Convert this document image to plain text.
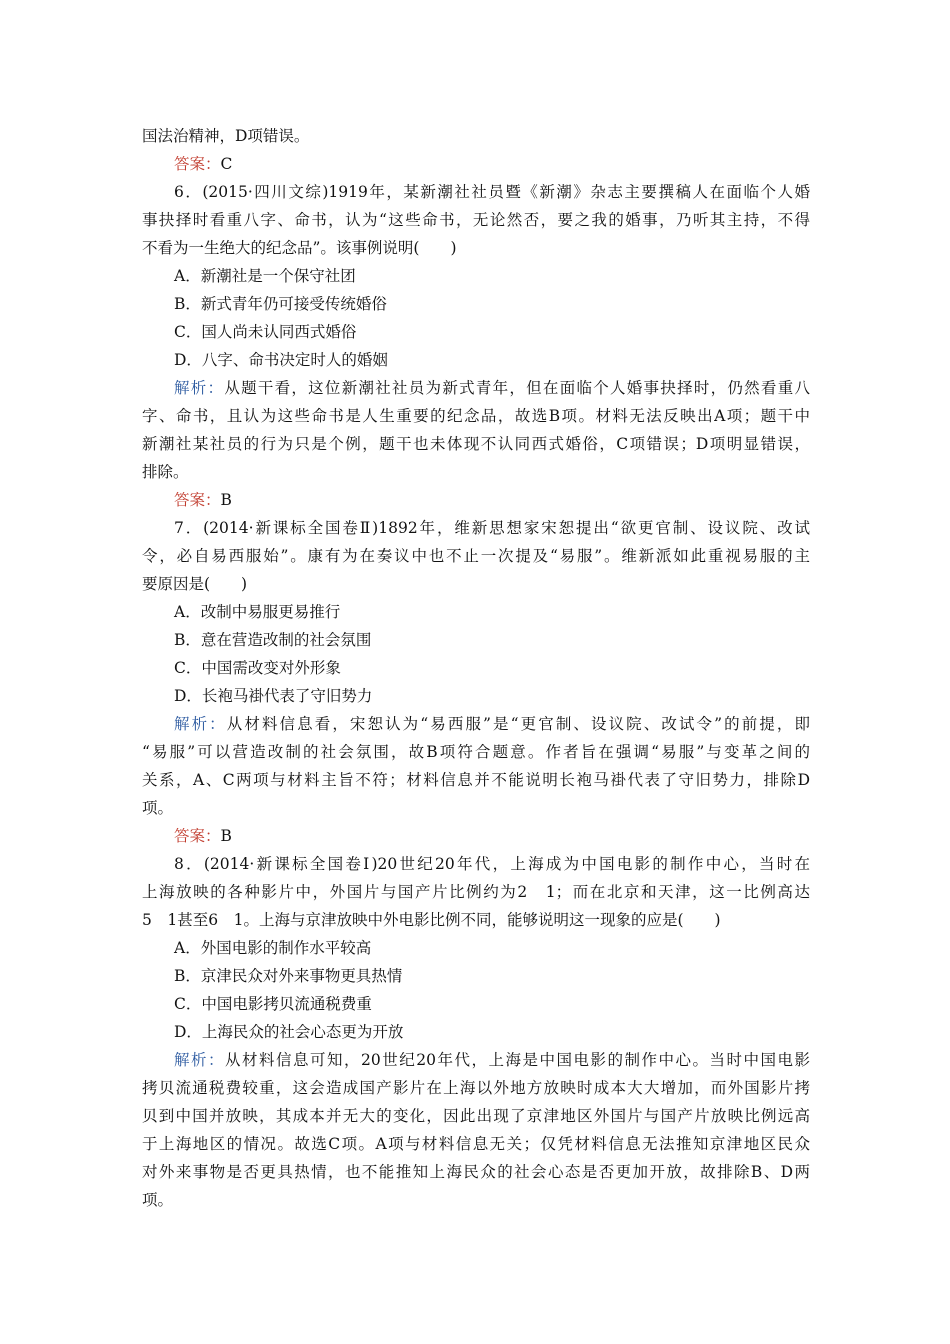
国法治精神，D项错误。
答案：C
6．(2015·四川文综)1919年，某新潮社社员暨《新潮》杂志主要撰稿人在面临个人婚
事抉择时看重八字、命书，认为“这些命书，无论然否，要之我的婚事，乃听其主持，不得
不看为一生绝大的纪念品”。该事例说明(　　)
A．新潮社是一个保守社团
B．新式青年仍可接受传统婚俗
C．国人尚未认同西式婚俗
D．八字、命书决定时人的婚姻
解析：从题干看，这位新潮社社员为新式青年，但在面临个人婚事抉择时，仍然看重八
字、命书，且认为这些命书是人生重要的纪念品，故选B项。材料无法反映出A项；题干中
新潮社某社员的行为只是个例，题干也未体现不认同西式婚俗，C项错误；D项明显错误，
排除。
答案：B
7．(2014·新课标全国卷Ⅱ)1892年，维新思想家宋恕提出“欲更官制、设议院、改试
令，必自易西服始”。康有为在奏议中也不止一次提及“易服”。维新派如此重视易服的主
要原因是(　　)
A．改制中易服更易推行
B．意在营造改制的社会氛围
C．中国需改变对外形象
D．长袍马褂代表了守旧势力
解析：从材料信息看，宋恕认为“易西服”是“更官制、设议院、改试令”的前提，即
“易服”可以营造改制的社会氛围，故B项符合题意。作者旨在强调“易服”与变革之间的
关系，A、C两项与材料主旨不符；材料信息并不能说明长袍马褂代表了守旧势力，排除D
项。
答案：B
8．(2014·新课标全国卷Ⅰ)20世纪20年代，上海成为中国电影的制作中心，当时在
上海放映的各种影片中，外国片与国产片比例约为2　1；而在北京和天津，这一比例高达
5　1甚至6　1。上海与京津放映中外电影比例不同，能够说明这一现象的应是(　　)
A．外国电影的制作水平较高
B．京津民众对外来事物更具热情
C．中国电影拷贝流通税费重
D．上海民众的社会心态更为开放
解析：从材料信息可知，20世纪20年代，上海是中国电影的制作中心。当时中国电影
拷贝流通税费较重，这会造成国产影片在上海以外地方放映时成本大大增加，而外国影片拷
贝到中国并放映，其成本并无大的变化，因此出现了京津地区外国片与国产片放映比例远高
于上海地区的情况。故选C项。A项与材料信息无关；仅凭材料信息无法推知京津地区民众
对外来事物是否更具热情，也不能推知上海民众的社会心态是否更加开放，故排除B、D两
项。
